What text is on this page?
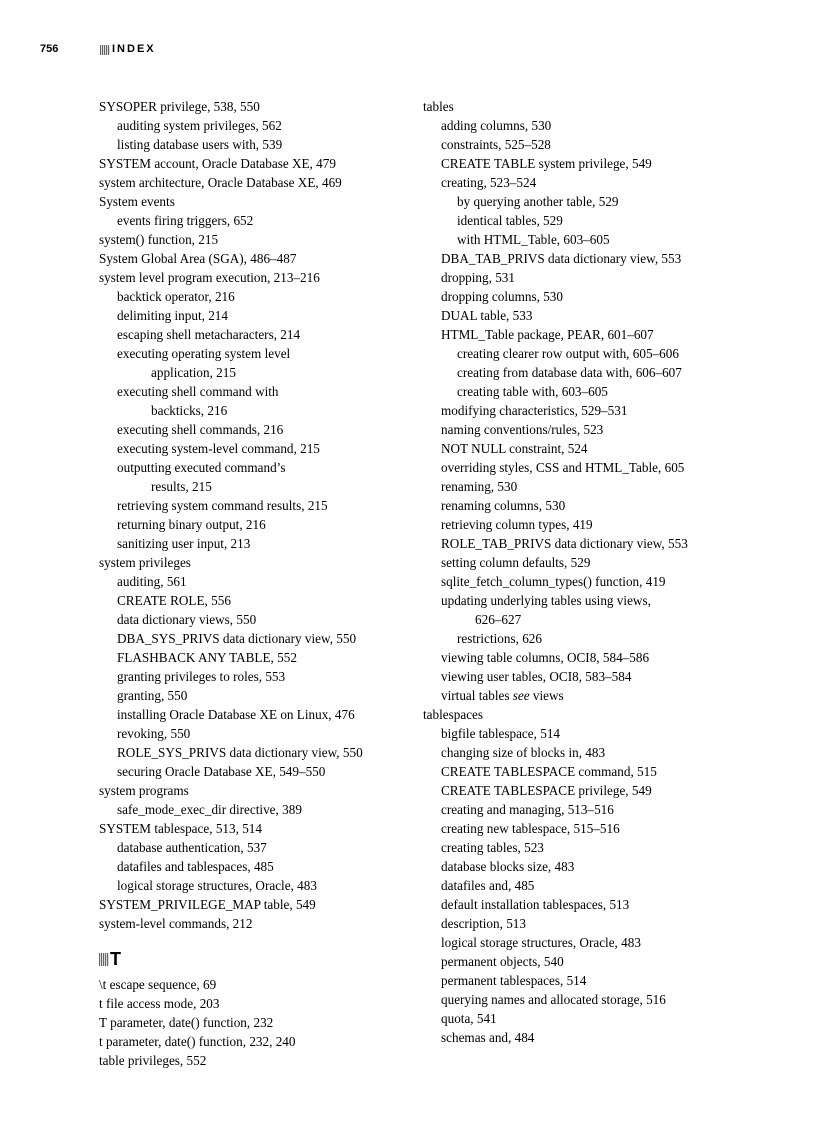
756	INDEX
SYSOPER privilege, 538, 550
auditing system privileges, 562
listing database users with, 539
SYSTEM account, Oracle Database XE, 479
system architecture, Oracle Database XE, 469
System events
events firing triggers, 652
system() function, 215
System Global Area (SGA), 486–487
system level program execution, 213–216
backtick operator, 216
delimiting input, 214
escaping shell metacharacters, 214
executing operating system level
application, 215
executing shell command with
backticks, 216
executing shell commands, 216
executing system-level command, 215
outputting executed command’s
results, 215
retrieving system command results, 215
returning binary output, 216
sanitizing user input, 213
system privileges
auditing, 561
CREATE ROLE, 556
data dictionary views, 550
DBA_SYS_PRIVS data dictionary view, 550
FLASHBACK ANY TABLE, 552
granting privileges to roles, 553
granting, 550
installing Oracle Database XE on Linux, 476
revoking, 550
ROLE_SYS_PRIVS data dictionary view, 550
securing Oracle Database XE, 549–550
system programs
safe_mode_exec_dir directive, 389
SYSTEM tablespace, 513, 514
database authentication, 537
datafiles and tablespaces, 485
logical storage structures, Oracle, 483
SYSTEM_PRIVILEGE_MAP table, 549
system-level commands, 212
T
\t escape sequence, 69
t file access mode, 203
T parameter, date() function, 232
t parameter, date() function, 232, 240
table privileges, 552
tables
adding columns, 530
constraints, 525–528
CREATE TABLE system privilege, 549
creating, 523–524
by querying another table, 529
identical tables, 529
with HTML_Table, 603–605
DBA_TAB_PRIVS data dictionary view, 553
dropping, 531
dropping columns, 530
DUAL table, 533
HTML_Table package, PEAR, 601–607
creating clearer row output with, 605–606
creating from database data with, 606–607
creating table with, 603–605
modifying characteristics, 529–531
naming conventions/rules, 523
NOT NULL constraint, 524
overriding styles, CSS and HTML_Table, 605
renaming, 530
renaming columns, 530
retrieving column types, 419
ROLE_TAB_PRIVS data dictionary view, 553
setting column defaults, 529
sqlite_fetch_column_types() function, 419
updating underlying tables using views,
626–627
restrictions, 626
viewing table columns, OCI8, 584–586
viewing user tables, OCI8, 583–584
virtual tables see views
tablespaces
bigfile tablespace, 514
changing size of blocks in, 483
CREATE TABLESPACE command, 515
CREATE TABLESPACE privilege, 549
creating and managing, 513–516
creating new tablespace, 515–516
creating tables, 523
database blocks size, 483
datafiles and, 485
default installation tablespaces, 513
description, 513
logical storage structures, Oracle, 483
permanent objects, 540
permanent tablespaces, 514
querying names and allocated storage, 516
quota, 541
schemas and, 484
